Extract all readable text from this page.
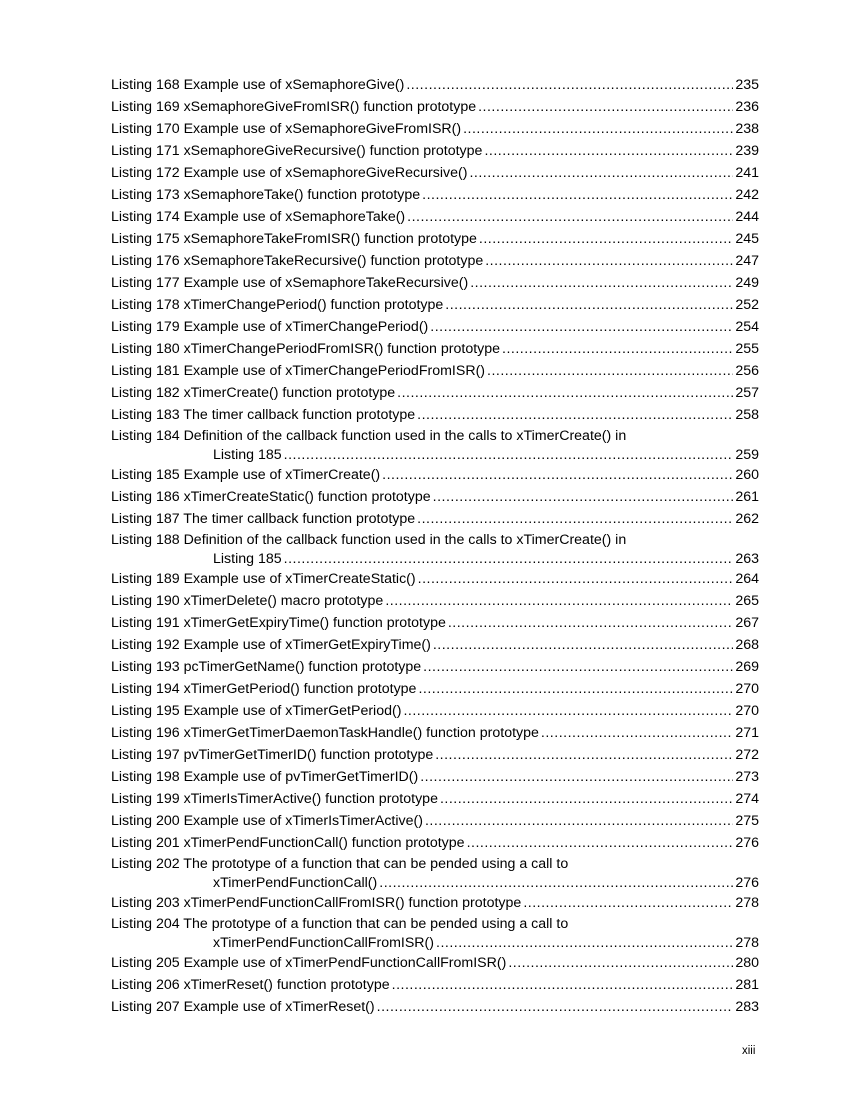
Listing 168 Example use of xSemaphoreGive() .....	235
Listing 169 xSemaphoreGiveFromISR() function prototype .....	236
Listing 170 Example use of xSemaphoreGiveFromISR() .....	238
Listing 171 xSemaphoreGiveRecursive() function prototype .....	239
Listing 172 Example use of xSemaphoreGiveRecursive() .....	241
Listing 173 xSemaphoreTake() function prototype .....	242
Listing 174 Example use of xSemaphoreTake() .....	244
Listing 175 xSemaphoreTakeFromISR() function prototype .....	245
Listing 176 xSemaphoreTakeRecursive() function prototype .....	247
Listing 177 Example use of xSemaphoreTakeRecursive() .....	249
Listing 178 xTimerChangePeriod() function prototype .....	252
Listing 179 Example use of xTimerChangePeriod() .....	254
Listing 180 xTimerChangePeriodFromISR() function prototype .....	255
Listing 181 Example use of xTimerChangePeriodFromISR() .....	256
Listing 182 xTimerCreate() function prototype .....	257
Listing 183 The timer callback function prototype .....	258
Listing 184 Definition of the callback function used in the calls to xTimerCreate() in
Listing 185 .....	259
Listing 185 Example use of xTimerCreate() .....	260
Listing 186 xTimerCreateStatic() function prototype .....	261
Listing 187 The timer callback function prototype .....	262
Listing 188 Definition of the callback function used in the calls to xTimerCreate() in
Listing 185 .....	263
Listing 189 Example use of xTimerCreateStatic() .....	264
Listing 190 xTimerDelete() macro prototype .....	265
Listing 191 xTimerGetExpiryTime() function prototype .....	267
Listing 192 Example use of xTimerGetExpiryTime() .....	268
Listing 193 pcTimerGetName() function prototype .....	269
Listing 194 xTimerGetPeriod() function prototype .....	270
Listing 195 Example use of xTimerGetPeriod() .....	270
Listing 196 xTimerGetTimerDaemonTaskHandle() function prototype .....	271
Listing 197 pvTimerGetTimerID() function prototype .....	272
Listing 198 Example use of pvTimerGetTimerID() .....	273
Listing 199 xTimerIsTimerActive() function prototype .....	274
Listing 200 Example use of xTimerIsTimerActive() .....	275
Listing 201 xTimerPendFunctionCall() function prototype .....	276
Listing 202 The prototype of a function that can be pended using a call to
xTimerPendFunctionCall() .....	276
Listing 203 xTimerPendFunctionCallFromISR() function prototype .....	278
Listing 204 The prototype of a function that can be pended using a call to
xTimerPendFunctionCallFromISR() .....	278
Listing 205 Example use of xTimerPendFunctionCallFromISR() .....	280
Listing 206 xTimerReset() function prototype .....	281
Listing 207 Example use of xTimerReset() .....	283
xiii
